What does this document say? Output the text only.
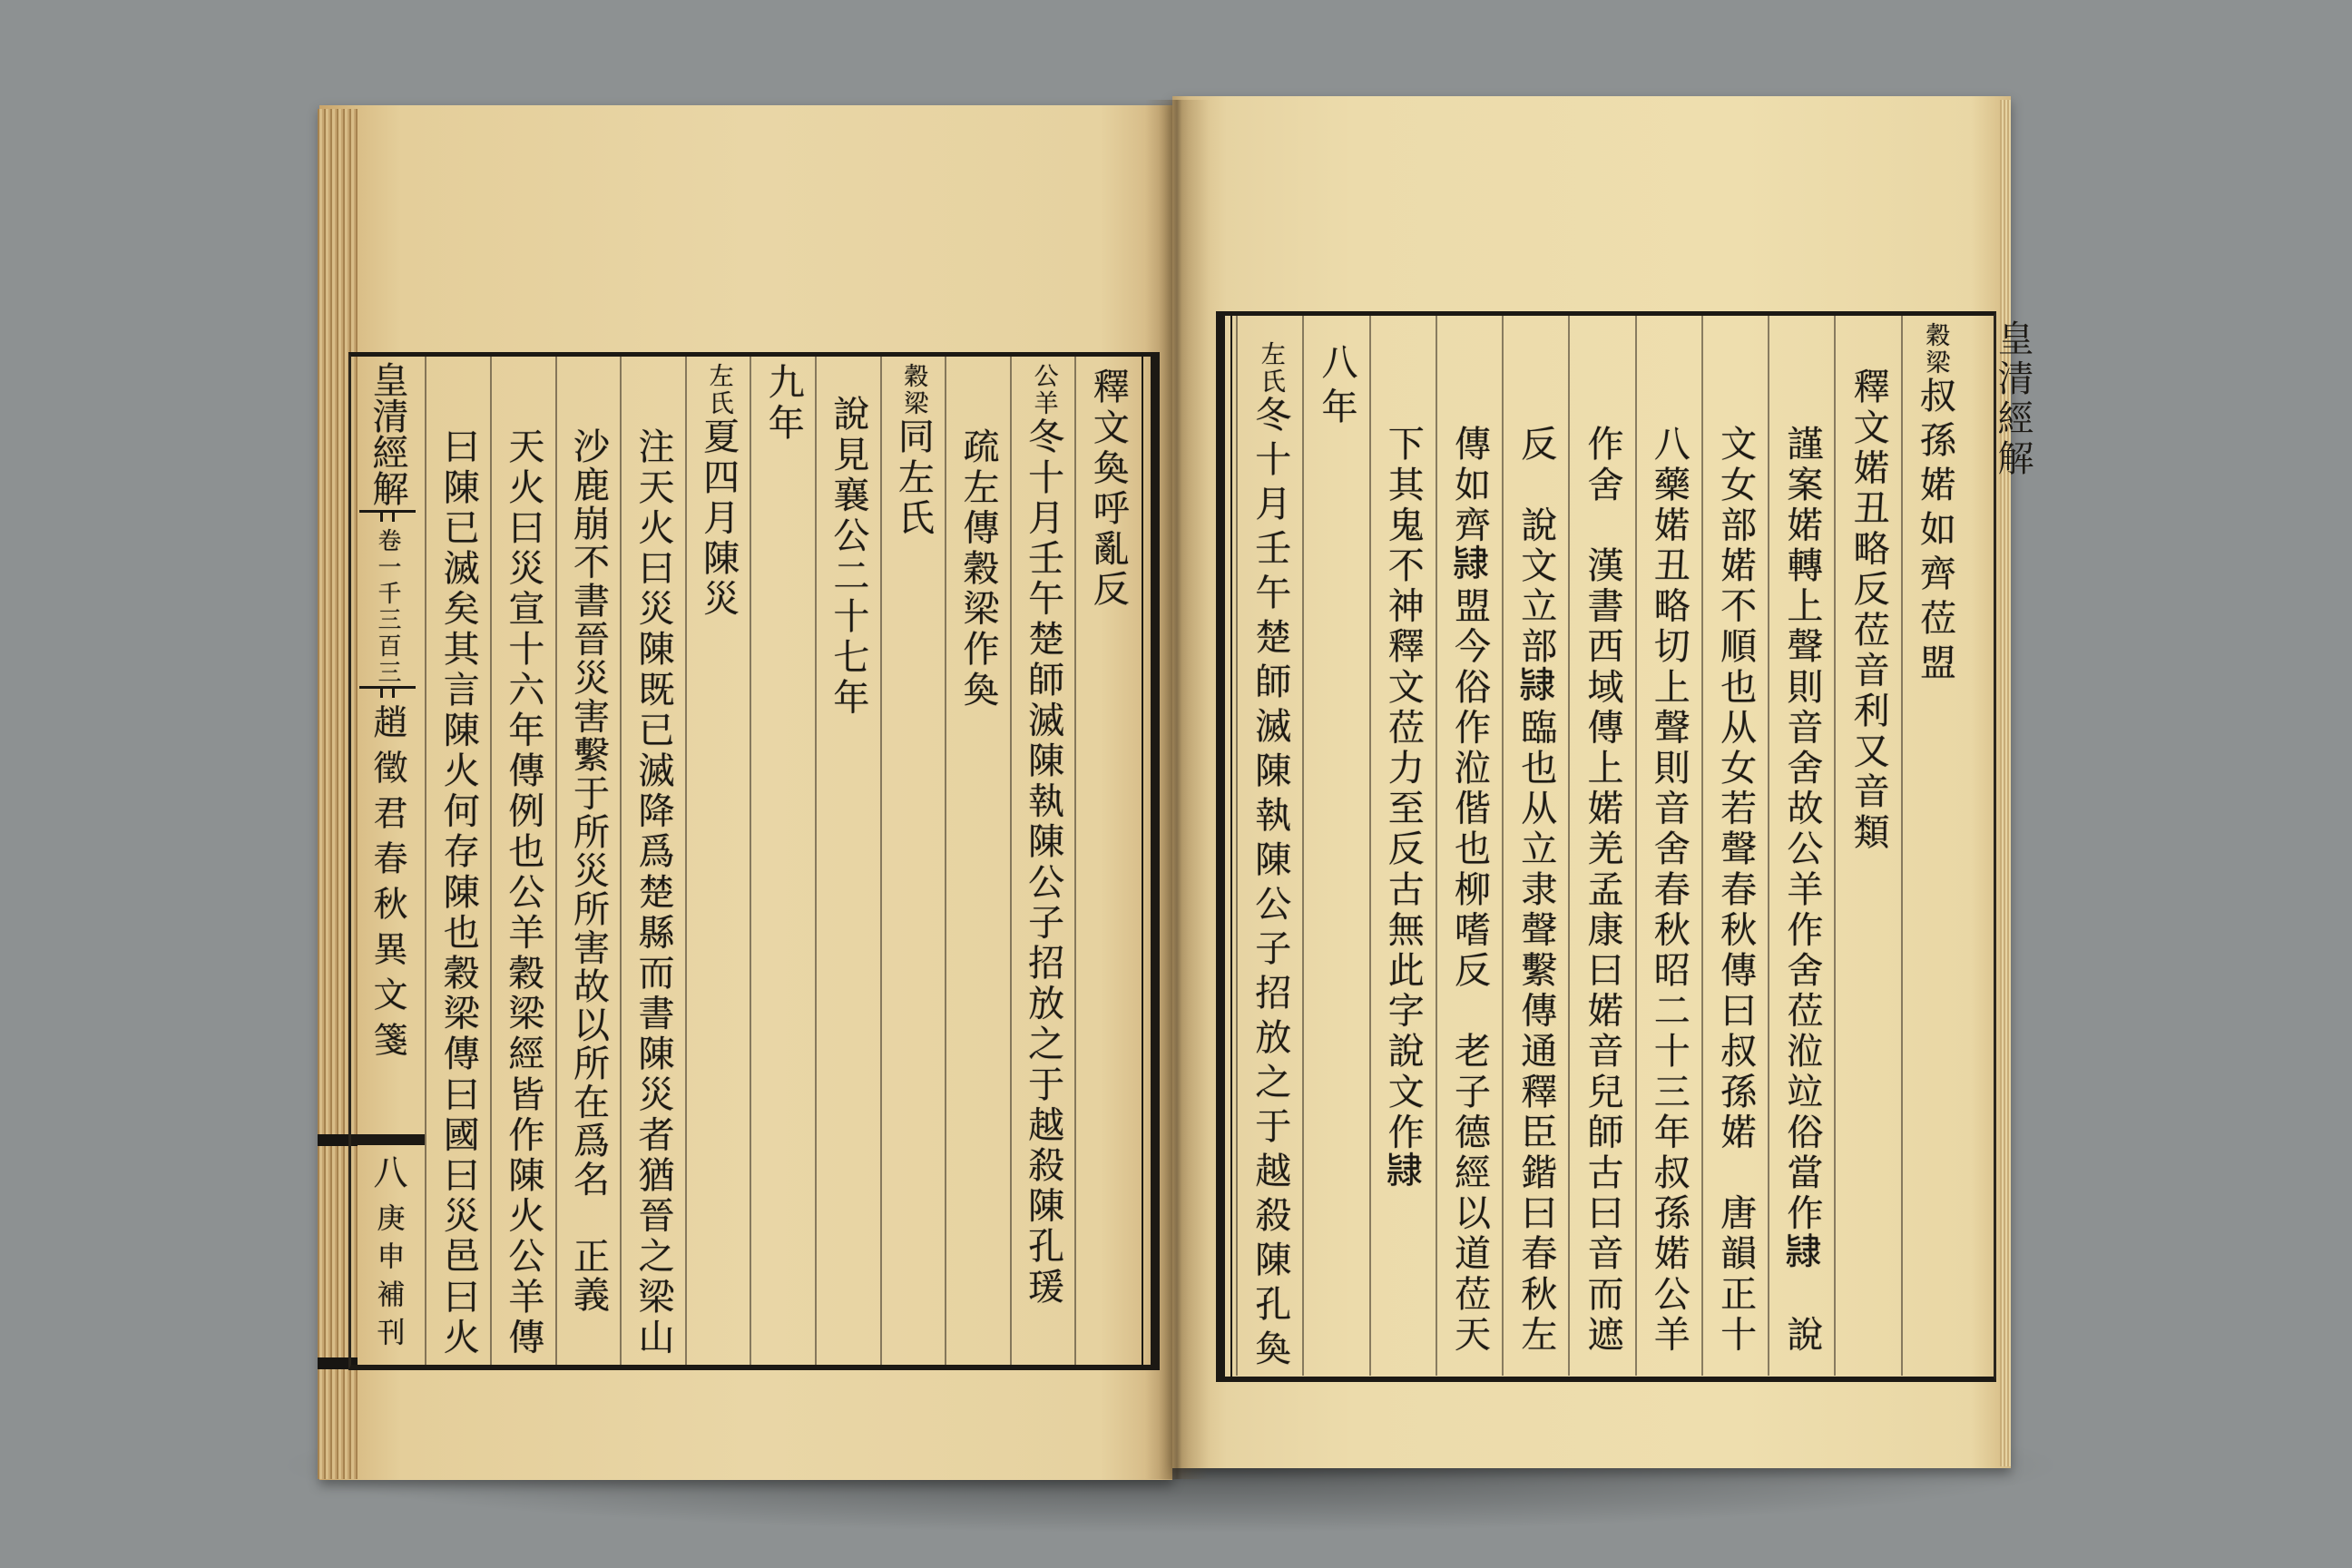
皇清經解
卷一千三百三
趙徵君春秋異文箋
八
庚申補刊
釋文奐呼亂反
公羊冬十月壬午楚師滅陳執陳公子招放之于越殺陳孔瑗
疏左傳穀梁作奐
穀梁同左氏
說見襄公二十七年
九年
左氏夏四月陳災
注天火曰災陳既已滅降爲楚縣而書陳災者猶晉之梁山
沙鹿崩不書晉災害繫于所災所害故以所在爲名　正義
天火曰災宣十六年傳例也公羊穀梁經皆作陳火公羊傳
曰陳已滅矣其言陳火何存陳也穀梁傳曰國曰災邑曰火
皇清經解
穀梁叔孫婼如齊莅盟
釋文婼丑略反莅音利又音類
謹案婼轉上聲則音舍故公羊作舍莅涖竝俗當作𨽻　說
文女部婼不順也从女若聲春秋傳曰叔孫婼　唐韻正十
八藥婼丑略切上聲則音舍春秋昭二十三年叔孫婼公羊
作舍　漢書西域傳上婼羌孟康曰婼音兒師古曰音而遮
反　說文立部𨽻臨也从立隶聲繫傳通釋臣鍇曰春秋左
傳如齊𨽻盟今俗作涖偕也柳嗜反　老子德經以道莅天
下其鬼不神釋文莅力至反古無此字說文作𨽻
八年
左氏冬十月壬午楚師滅陳執陳公子招放之于越殺陳孔奐
